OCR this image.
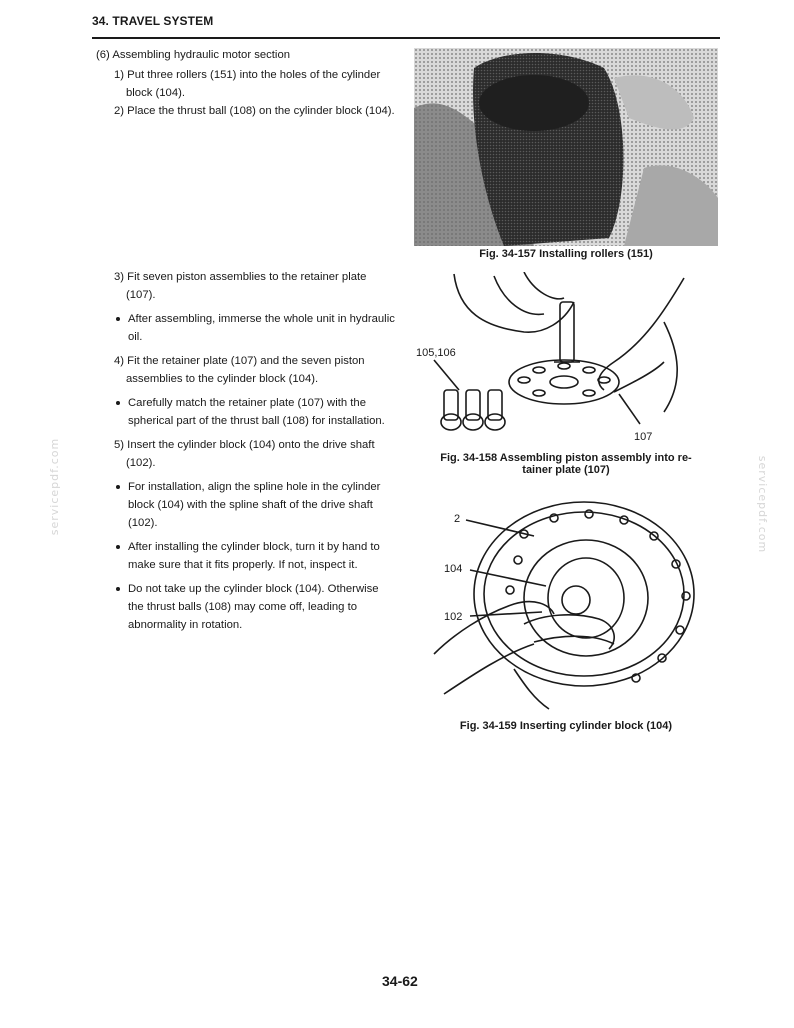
34. TRAVEL SYSTEM
servicepdf.com	servicepdf.com

(6) Assembling hydraulic motor section

1) Put three rollers (151) into the holes of the cylinder block (104).

2) Place the thrust ball (108) on the cylinder block (104).

3) Fit seven piston assemblies to the retainer plate (107).

After assembling, immerse the whole unit in hydraulic oil.

4) Fit the retainer plate (107) and the seven piston assemblies to the cylinder block (104).

Carefully match the retainer plate (107) with the spherical part of the thrust ball (108) for installation.

5) Insert the cylinder block (104) onto the drive shaft (102).

For installation, align the spline hole in the cylinder block (104) with the spline shaft of the drive shaft (102).

After installing the cylinder block, turn it by hand to make sure that it fits properly. If not, inspect it.

Do not take up the cylinder block (104). Otherwise the thrust balls (108) may come off, leading to abnormality in rotation.

Fig. 34-157 Installing rollers (151)
105,106
107
Fig. 34-158 Assembling piston assembly into re-
tainer plate (107)
2
104
102
Fig. 34-159 Inserting cylinder block (104)
34-62
